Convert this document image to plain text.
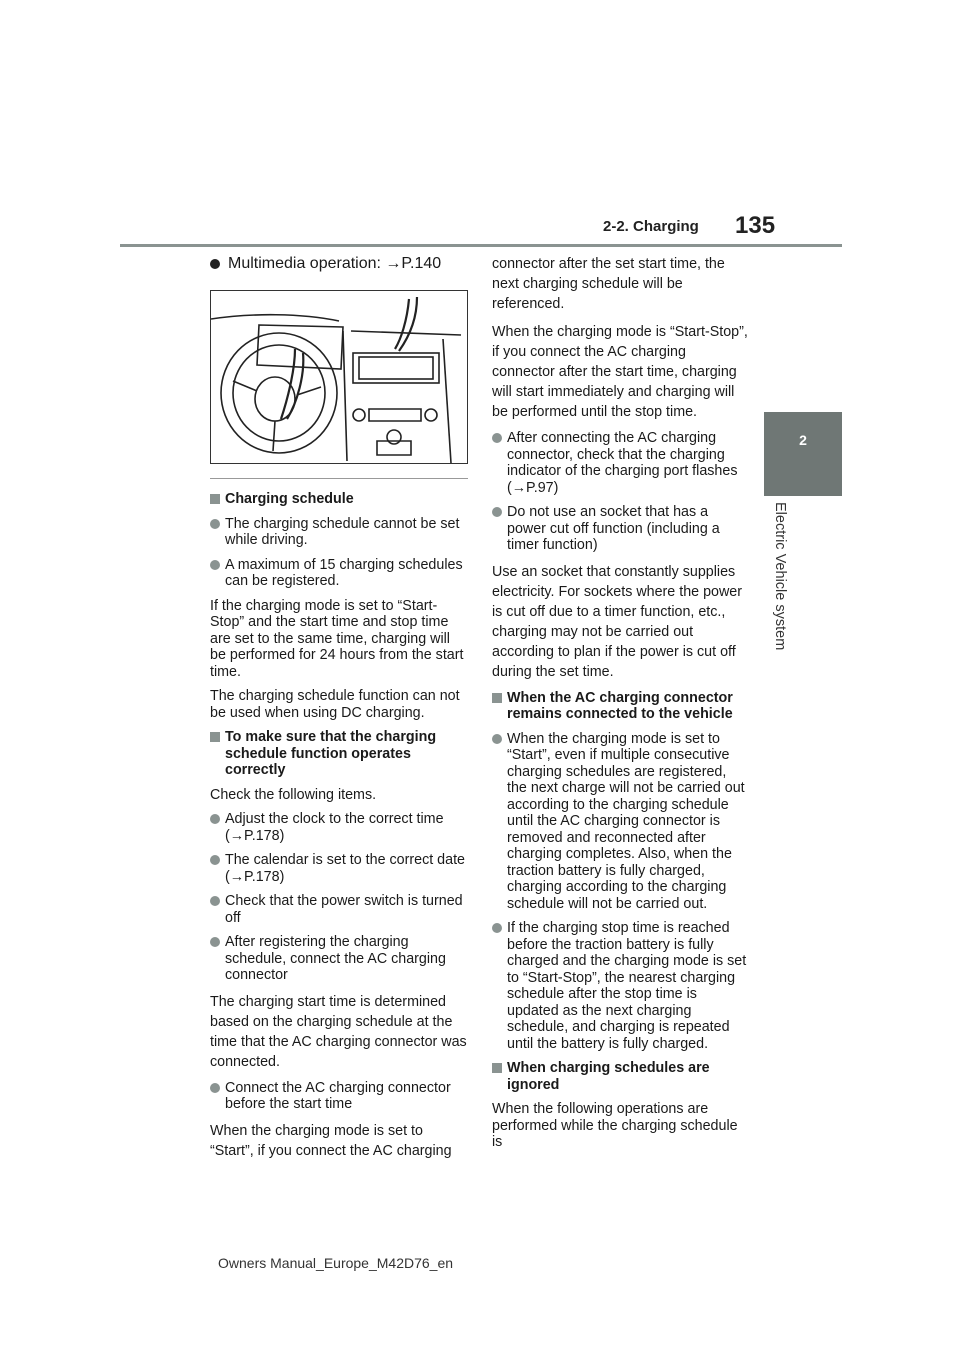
2-2. Charging 135
2
Electric Vehicle system
Multimedia operation: →P.140
Charging schedule
The charging schedule cannot be set while driving.
A maximum of 15 charging schedules can be registered.

If the charging mode is set to “Start-Stop” and the start time and stop time are set to the same time, charging will be performed for 24 hours from the start time.

The charging schedule function can not be used when using DC charging.

To make sure that the charging schedule function operates correctly

Check the following items.

Adjust the clock to the correct time (→P.178)
The calendar is set to the correct date (→P.178)
Check that the power switch is turned off
After registering the charging schedule, connect the AC charging connector

The charging start time is determined based on the charging schedule at the time that the AC charging connector was connected.

Connect the AC charging connector before the start time

When the charging mode is set to “Start”, if you connect the AC charging

connector after the set start time, the next charging schedule will be referenced.

When the charging mode is “Start-Stop”, if you connect the AC charging connector after the start time, charging will start immediately and charging will be performed until the stop time.

After connecting the AC charging connector, check that the charging indicator of the charging port flashes (→P.97)
Do not use an socket that has a power cut off function (including a timer function)

Use an socket that constantly supplies electricity. For sockets where the power is cut off due to a timer function, etc., charging may not be carried out according to plan if the power is cut off during the set time.

When the AC charging connector remains connected to the vehicle
When the charging mode is set to “Start”, even if multiple consecutive charging schedules are registered, the next charge will not be carried out according to the charging schedule until the AC charging connector is removed and reconnected after charging completes. Also, when the traction battery is fully charged, charging according to the charging schedule will not be carried out.
If the charging stop time is reached before the traction battery is fully charged and the charging mode is set to “Start-Stop”, the nearest charging schedule after the stop time is updated as the next charging schedule, and charging is repeated until the battery is fully charged.
When charging schedules are ignored

When the following operations are performed while the charging schedule is

Owners Manual_Europe_M42D76_en
